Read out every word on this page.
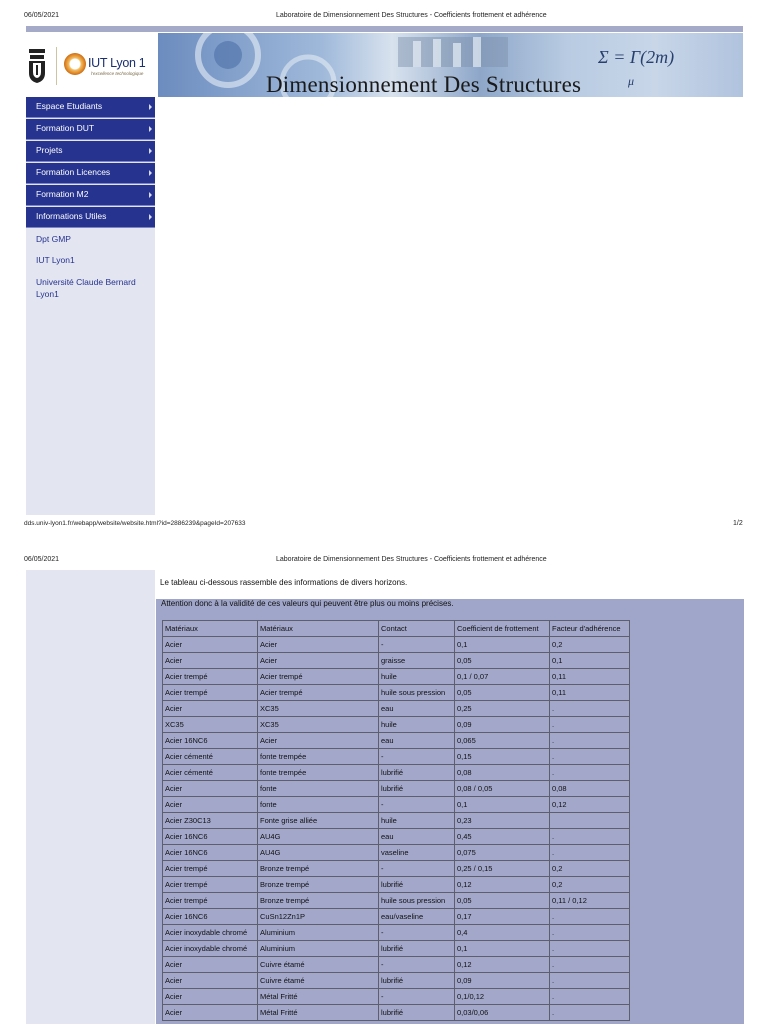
06/05/2021	Laboratoire de Dimensionnement Des Structures - Coefficients frottement et adhérence
IUT Lyon 1
l'excellence technologique
Σ = Γ(2m)
μ
Dimensionnement Des Structures
Espace Etudiants
Formation DUT
Projets
Formation Licences
Formation M2
Informations Utiles
Dpt GMP
IUT Lyon1
Université Claude Bernard Lyon1
dds.univ-lyon1.fr/webapp/website/website.html?id=2886239&pageId=207633	1/2
06/05/2021	Laboratoire de Dimensionnement Des Structures - Coefficients frottement et adhérence
Le tableau ci-dessous rassemble des informations de divers horizons.
Attention donc à la validité de ces valeurs qui peuvent être plus ou moins précises.
Matériaux	Matériaux	Contact	Coefficient de frottement	Facteur d'adhérence
Acier	Acier	-	0,1	0,2
Acier	Acier	graisse	0,05	0,1
Acier trempé	Acier trempé	huile	0,1 / 0,07	0,11
Acier trempé	Acier trempé	huile sous pression	0,05	0,11
Acier	XC35	eau	0,25	.
XC35	XC35	huile	0,09	.
Acier 16NC6	Acier	eau	0,065	.
Acier cémenté	fonte trempée	-	0,15	.
Acier cémenté	fonte trempée	lubrifié	0,08	.
Acier	fonte	lubrifié	0,08 / 0,05	0,08
Acier	fonte	-	0,1	0,12
Acier Z30C13	Fonte grise alliée	huile	0,23	
Acier 16NC6	AU4G	eau	0,45	.
Acier 16NC6	AU4G	vaseline	0,075	.
Acier trempé	Bronze trempé	-	0,25 / 0,15	0,2
Acier trempé	Bronze trempé	lubrifié	0,12	0,2
Acier trempé	Bronze trempé	huile sous pression	0,05	0,11 / 0,12
Acier 16NC6	CuSn12Zn1P	eau/vaseline	0,17	.
Acier inoxydable chromé	Aluminium	-	0,4	.
Acier inoxydable chromé	Aluminium	lubrifié	0,1	.
Acier	Cuivre étamé	-	0,12	.
Acier	Cuivre étamé	lubrifié	0,09	.
Acier	Métal Fritté	-	0,1/0,12	.
Acier	Métal Fritté	lubrifié	0,03/0,06	.
